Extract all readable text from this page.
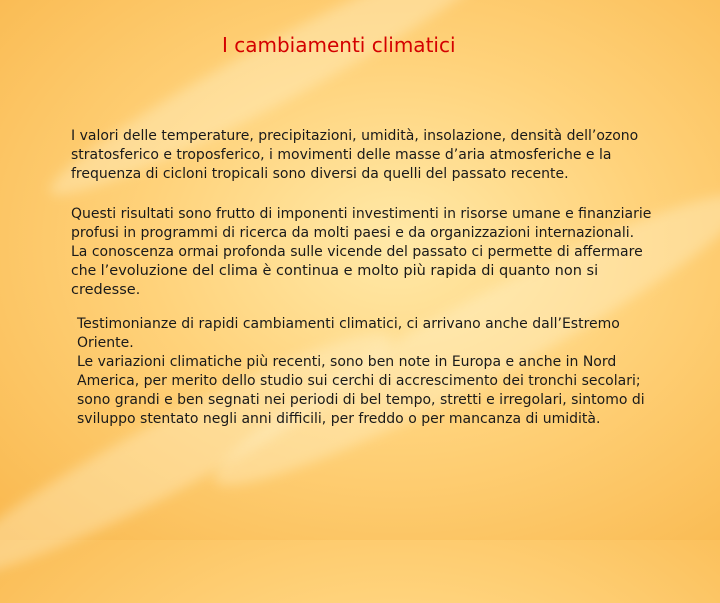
I cambiamenti climatici

I valori delle temperature, precipitazioni, umidità, insolazione, densità dell’ozono
stratosferico e troposferico, i movimenti delle masse d’aria atmosferiche e la
frequenza di cicloni tropicali sono diversi da quelli del passato recente.

Questi risultati sono frutto di imponenti investimenti in risorse umane e finanziarie
profusi in programmi di ricerca da molti paesi e da organizzazioni internazionali.
La conoscenza ormai profonda sulle vicende del passato ci permette di affermare
che l’evoluzione del clima è continua e molto più rapida di quanto non si
credesse.

Testimonianze di rapidi cambiamenti climatici, ci arrivano anche dall’Estremo
Oriente.
Le variazioni climatiche più recenti, sono ben note in Europa e anche in Nord
America, per merito dello studio sui cerchi di accrescimento dei tronchi secolari;
sono grandi e ben segnati nei periodi di bel tempo, stretti e irregolari, sintomo di
sviluppo stentato negli anni difficili, per freddo o per mancanza di umidità.
